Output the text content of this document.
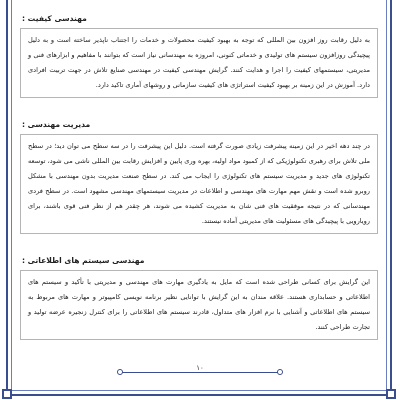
مهندسی کیفیت :
به دلیل رقابت روز افزون بین المللی که توجه به بهبود کیفیت محصولات و خدمات را اجتناب ناپذیر ساخته است و به دلیل پیچیدگی روزافزون سیستم های تولیدی و خدماتی کنونی، امروزه به مهندسانی نیاز است که بتوانند با مفاهیم و ابزارهای فنی و مدیریتی، سیستمهای کیفیت را اجرا و هدایت کنند. گرایش مهندسی کیفیت در مهندسی صنایع تلاش در جهت تربیت افرادی دارد. آموزش در این زمینه بر بهبود کیفیت استراتژی های کیفیت سازمانی و روشهای آماری تاکید دارد.
مدیریت مهندسی :
در چند دهه اخیر در این زمینه پیشرفت زیادی صورت گرفته است. دلیل این پیشرفت را در سه سطح می توان دید؛ در سطح ملی تلاش برای رهبری تکنولوژیکی که از کمبود مواد اولیه، بهره وری پایین و افزایش رقابت بین المللی ناشی می شود، توسعه تکنولوژی های جدید و مدیریت سیستم های تکنولوژی را ایجاب می کند. در سطح صنعت مدیریت بدون مهندسی با مشکل روبرو شده است و نقش مهم مهارت های مهندسی و اطلاعات در مدیریت سیستمهای مهندسی مشهود است. در سطح فردی مهندسانی که در نتیجه موفقیت های فنی شان به مدیریت کشیده می شوند، هر چقدر هم از نظر فنی قوی باشند، برای رویارویی با پیچیدگی های مسئولیت های مدیریتی آماده نیستند.
مهندسی سیستم های اطلاعاتی :
این گرایش برای کسانی طراحی شده است که مایل به یادگیری مهارت های مهندسی و مدیریتی با تأکید و سیستم های اطلاعاتی و حسابداری هستند. علاقه مندان به این گرایش با توانایی نظیر برنامه نویسی کامپیوتر و مهارت های مربوط به سیستم های اطلاعاتی و آشنایی با نرم افزار های متداول، قادرند سیستم های اطلاعاتی را برای کنترل زنجیره عرضه تولید و تجارت طراحی کنند.
۱۰
